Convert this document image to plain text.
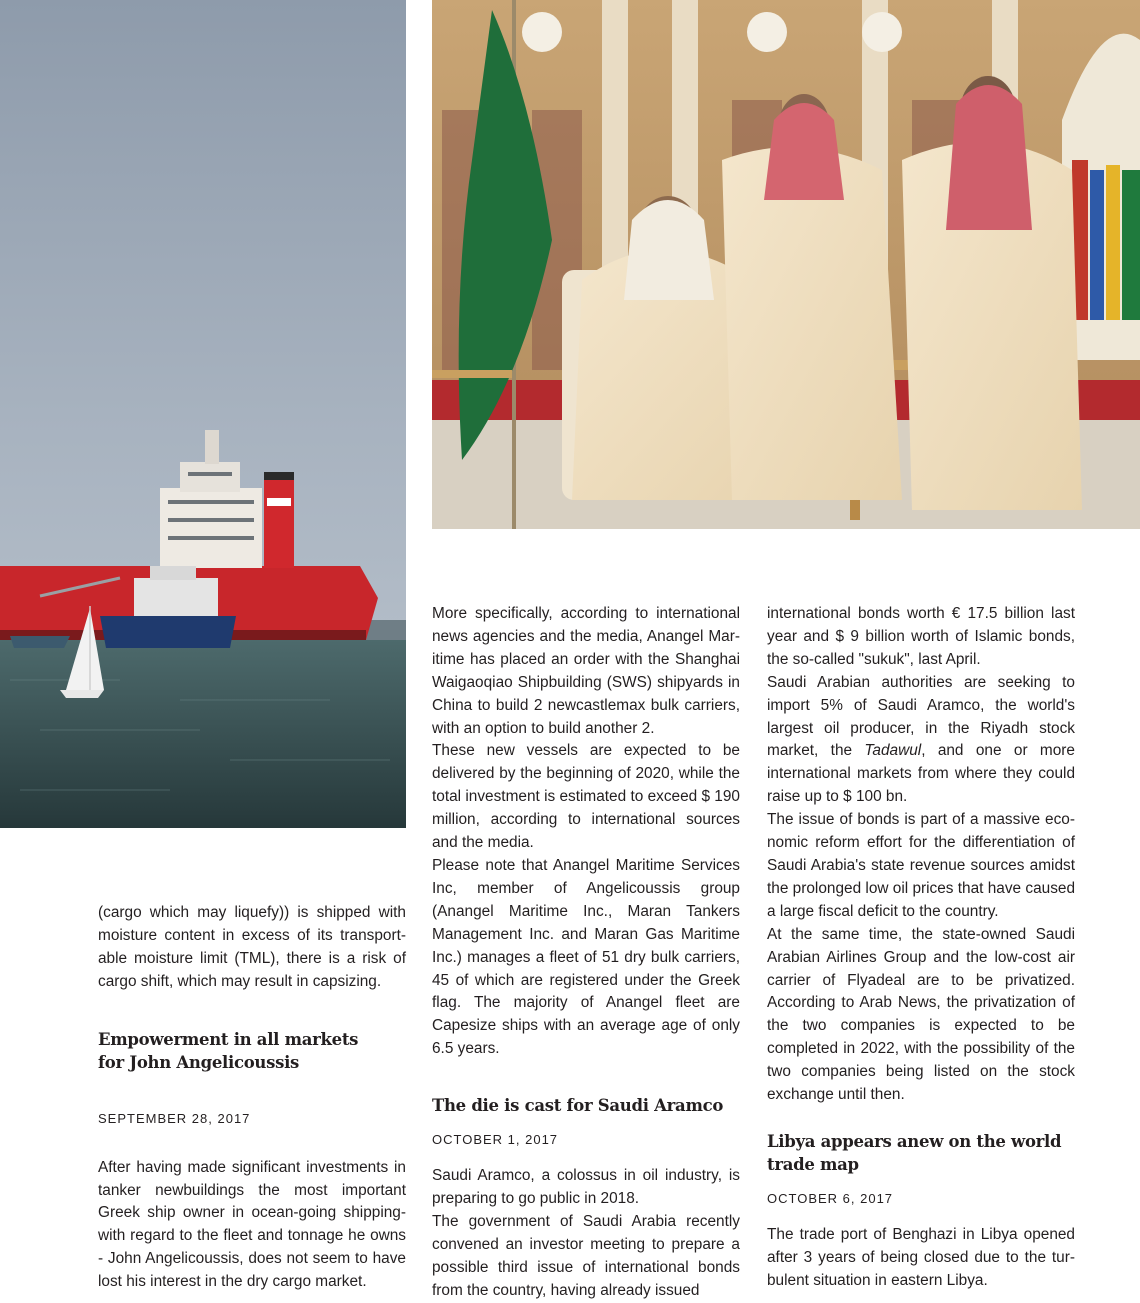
(cargo which may liquefy)) is shipped with
moisture content in excess of its transport-
able moisture limit (TML), there is a risk of
cargo shift, which may result in capsizing.

Empowerment in all markets
for John Angelicoussis

SEPTEMBER 28, 2017

After having made significant investments in tanker newbuildings the most important Greek ship owner in ocean-going shipping- with regard to the fleet and tonnage he owns - John Angelicoussis, does not seem to have lost his interest in the dry cargo market.

More specifically, according to international news agencies and the media, Anangel Maritime has placed an order with the Shanghai Waigaoqiao Shipbuilding (SWS) shipyards in China to build 2 newcastlemax bulk carriers, with an option to build another 2.

These new vessels are expected to be delivered by the beginning of 2020, while the total investment is estimated to exceed $ 190 million, according to international sources and the media.

Please note that Anangel Maritime Services Inc, member of Angelicoussis group (Anangel Maritime Inc., Maran Tankers Management Inc. and Maran Gas Maritime Inc.) manages a fleet of 51 dry bulk carriers, 45 of which are registered under the Greek flag. The majority of Anangel fleet are Capesize ships with an average age of only 6.5 years.

The die is cast for Saudi Aramco

OCTOBER 1, 2017

Saudi Aramco, a colossus in oil industry, is preparing to go public in 2018.

The government of Saudi Arabia recently convened an investor meeting to prepare a possible third issue of international bonds from the country, having already issued

international bonds worth € 17.5 billion last year and $ 9 billion worth of Islamic bonds, the so-called "sukuk", last April.

Saudi Arabian authorities are seeking to import 5% of Saudi Aramco, the world's largest oil producer, in the Riyadh stock market, the Tadawul, and one or more international markets from where they could raise up to $ 100 bn.

The issue of bonds is part of a massive economic reform effort for the differentiation of Saudi Arabia's state revenue sources amidst the prolonged low oil prices that have caused a large fiscal deficit to the country.

At the same time, the state-owned Saudi Arabian Airlines Group and the low-cost air carrier of Flyadeal are to be privatized. According to Arab News, the privatization of the two companies is expected to be completed in 2022, with the possibility of the two companies being listed on the stock exchange until then.

Libya appears anew on the world
trade map

OCTOBER 6, 2017

The trade port of Benghazi in Libya opened after 3 years of being closed due to the turbulent situation in eastern Libya.
